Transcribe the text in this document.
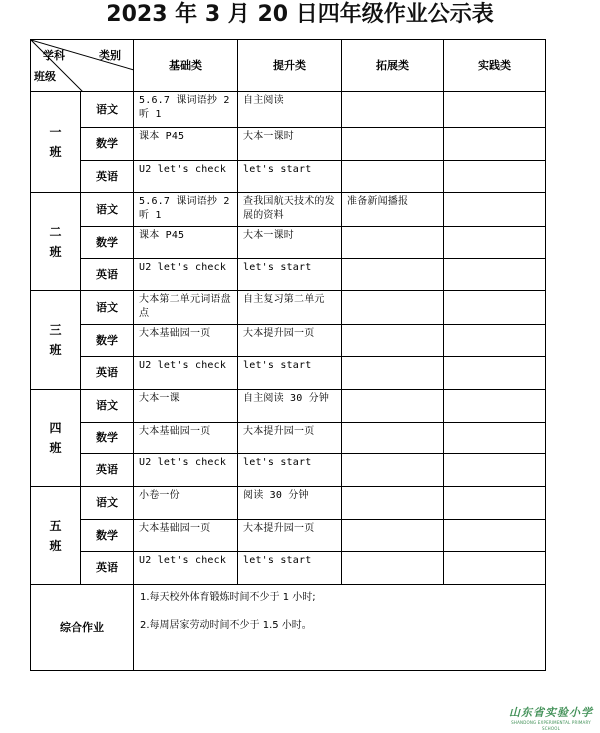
2023 年 3 月 20 日四年级作业公示表
学科 类别
班级		基础类	提升类	拓展类	实践类

一
班	语文	5.6.7 课词语抄 2 听 1	自主阅读		
	数学	课本 P45	大本一课时		
	英语	U2 let's check	let's start		

二
班	语文	5.6.7 课词语抄 2 听 1	查我国航天技术的发展的资料	准备新闻播报	
	数学	课本 P45	大本一课时		
	英语	U2 let's check	let's start		

三
班	语文	大本第二单元词语盘点	自主复习第二单元		
	数学	大本基础园一页	大本提升园一页		
	英语	U2 let's check	let's start		

四
班	语文	大本一课	自主阅读 30 分钟		
	数学	大本基础园一页	大本提升园一页		
	英语	U2 let's check	let's start		

五
班	语文	小卷一份	阅读 30 分钟		
	数学	大本基础园一页	大本提升园一页		
	英语	U2 let's check	let's start		
综合作业		1.每天校外体育锻炼时间不少于 1 小时;

2.每周居家劳动时间不少于 1.5 小时。			

山东省实验小学
SHANDONG EXPERIMENTAL PRIMARY SCHOOL
